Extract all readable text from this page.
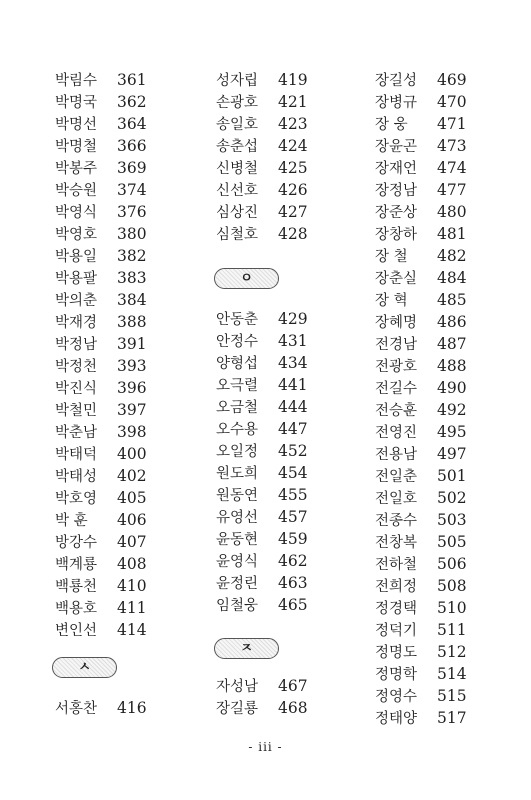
박림수 361
박명국 362
박명선 364
박명철 366
박봉주 369
박승원 374
박영식 376
박영호 380
박용일 382
박용팔 383
박의춘 384
박재경 388
박정남 391
박정천 393
박진식 396
박철민 397
박춘남 398
박태덕 400
박태성 402
박호영 405
박 훈 406
방강수 407
백계룡 408
백룡천 410
백용호 411
변인선 414
서홍찬 416
성자립 419
손광호 421
송일호 423
송춘섭 424
신병철 425
신선호 426
심상진 427
심철호 428
안동춘 429
안정수 431
양형섭 434
오극렬 441
오금철 444
오수용 447
오일정 452
원도희 454
원동연 455
유영선 457
윤동현 459
윤영식 462
윤정린 463
임철웅 465
자성남 467
장길룡 468
장길성 469
장병규 470
장 웅 471
장윤곤 473
장재언 474
장정남 477
장준상 480
장창하 481
장 철 482
장춘실 484
장 혁 485
장혜명 486
전경남 487
전광호 488
전길수 490
전승훈 492
전영진 495
전용남 497
전일춘 501
전일호 502
전종수 503
전창복 505
전하철 506
전희정 508
정경택 510
정덕기 511
정명도 512
정명학 514
정영수 515
정태양 517
ㅅ
ㅇ
ㅈ
- iii -
